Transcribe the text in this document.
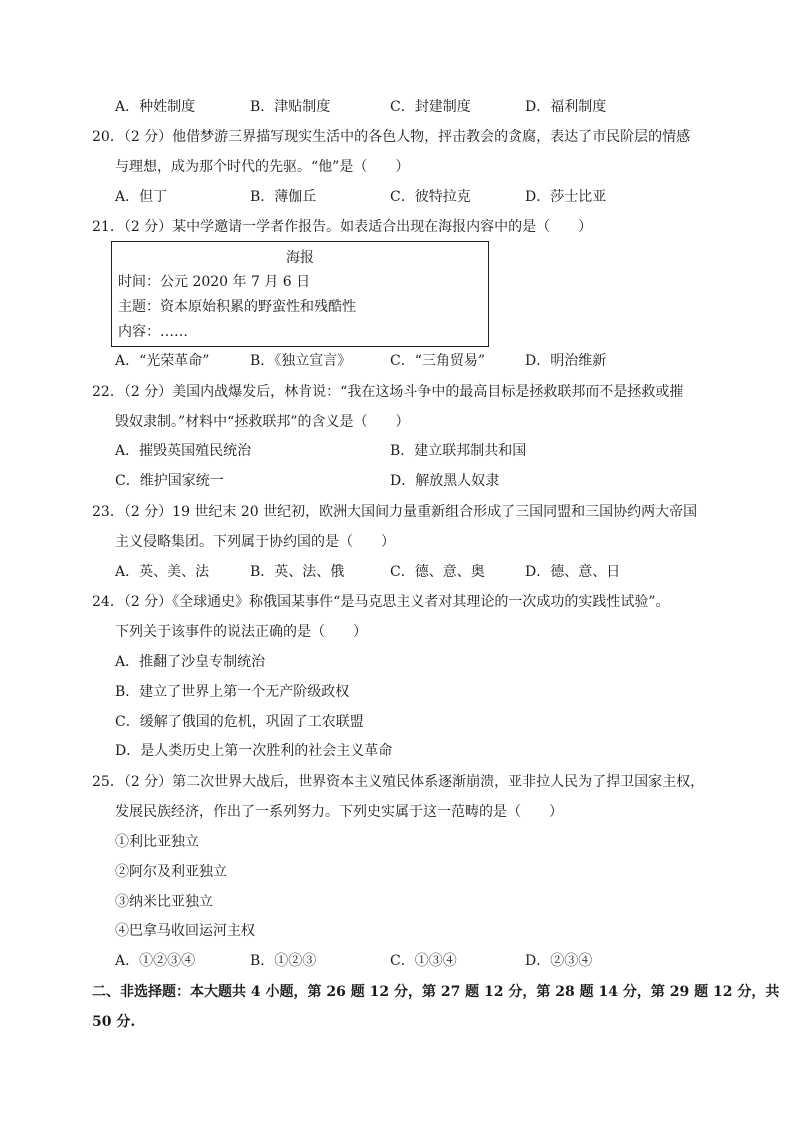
A．种姓制度	B．津贴制度	C．封建制度	D．福利制度
20．（2 分）他借梦游三界描写现实生活中的各色人物，抨击教会的贪腐，表达了市民阶层的情感
与理想，成为那个时代的先驱。“他”是（　　）
A．但丁	B．薄伽丘	C．彼特拉克	D．莎士比亚
21．（2 分）某中学邀请一学者作报告。如表适合出现在海报内容中的是（　　）
海报
时间：公元 2020 年 7 月 6 日
主题：资本原始积累的野蛮性和残酷性
内容：……
A．“光荣革命”	B．《独立宣言》	C．“三角贸易”	D．明治维新
22．（2 分）美国内战爆发后，林肯说：“我在这场斗争中的最高目标是拯救联邦而不是拯救或摧
毁奴隶制。”材料中“拯救联邦”的含义是（　　）
A．摧毁英国殖民统治	B．建立联邦制共和国
C．维护国家统一	D．解放黑人奴隶
23．（2 分）19 世纪末 20 世纪初，欧洲大国间力量重新组合形成了三国同盟和三国协约两大帝国
主义侵略集团。下列属于协约国的是（　　）
A．英、美、法	B．英、法、俄	C．德、意、奥	D．德、意、日
24．（2 分）《全球通史》称俄国某事件“是马克思主义者对其理论的一次成功的实践性试验”。
下列关于该事件的说法正确的是（　　）
A．推翻了沙皇专制统治
B．建立了世界上第一个无产阶级政权
C．缓解了俄国的危机，巩固了工农联盟
D．是人类历史上第一次胜利的社会主义革命
25．（2 分）第二次世界大战后，世界资本主义殖民体系逐渐崩溃，亚非拉人民为了捍卫国家主权，
发展民族经济，作出了一系列努力。下列史实属于这一范畴的是（　　）
①利比亚独立
②阿尔及利亚独立
③纳米比亚独立
④巴拿马收回运河主权
A．①②③④	B．①②③	C．①③④	D．②③④
二、非选择题：本大题共 4 小题，第 26 题 12 分，第 27 题 12 分，第 28 题 14 分，第 29 题 12 分，共
50 分.
